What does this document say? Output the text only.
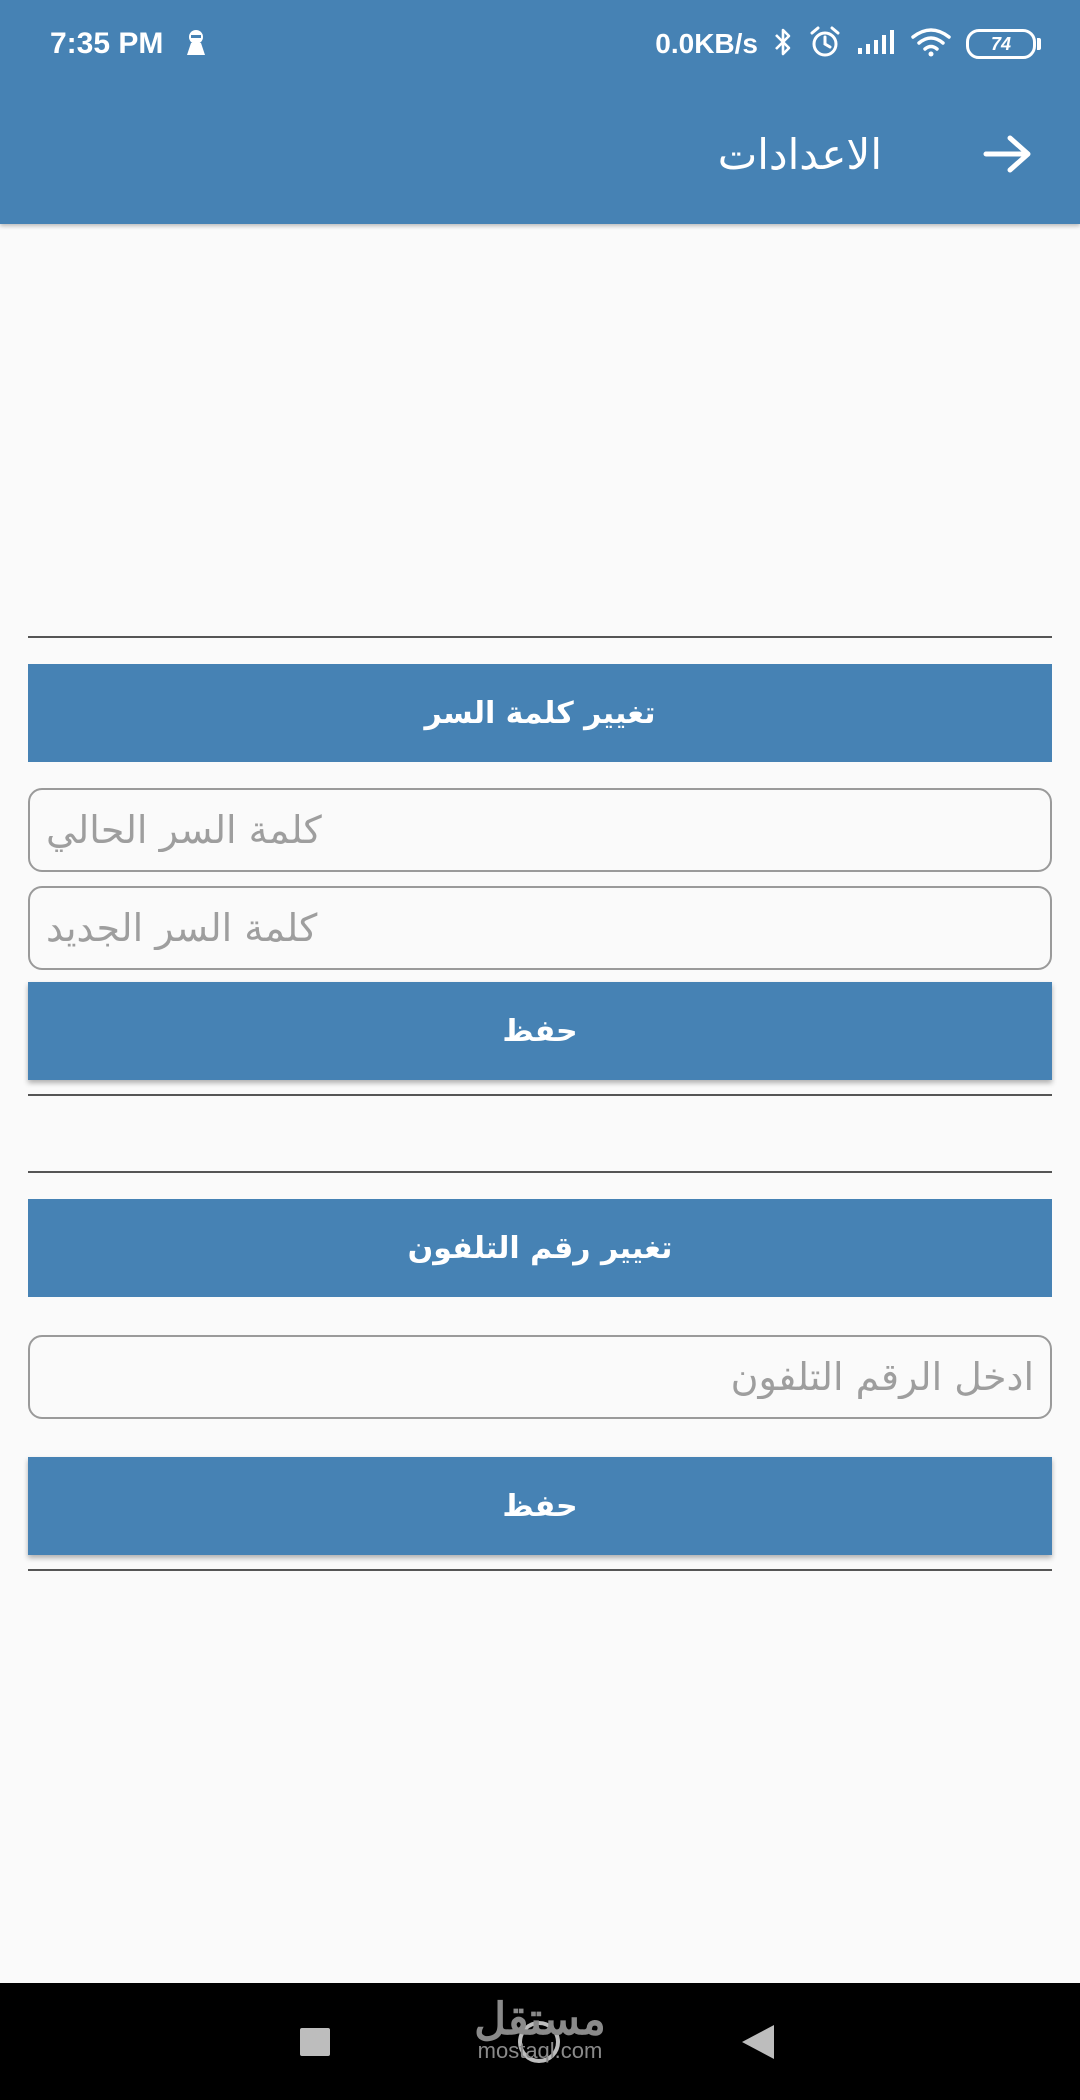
7:35 PM	0.0KB/s	74
الاعدادات
تغيير كلمة السر
حفظ
تغيير رقم التلفون
ادخل الرقم التلفون
حفظ
مستقل
mostaql.com
